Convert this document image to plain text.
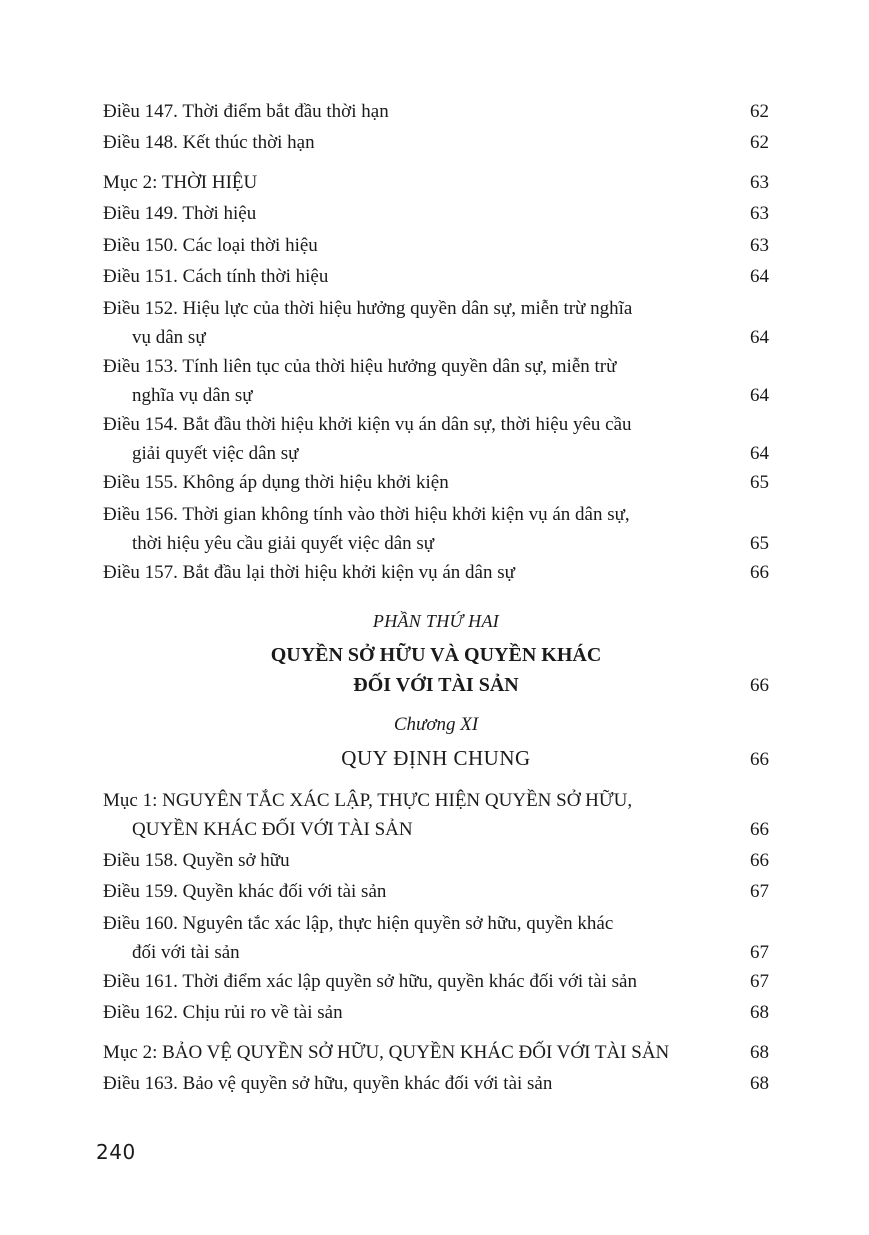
Điều 147. Thời điểm bắt đầu thời hạn	62
Điều 148. Kết thúc thời hạn	62
Mục 2: THỜI HIỆU	63
Điều 149. Thời hiệu	63
Điều 150. Các loại thời hiệu	63
Điều 151. Cách tính thời hiệu	64
Điều 152. Hiệu lực của thời hiệu hưởng quyền dân sự, miễn trừ nghĩa
vụ dân sự	64
Điều 153. Tính liên tục của thời hiệu hưởng quyền dân sự, miễn trừ
nghĩa vụ dân sự	64
Điều 154. Bắt đầu thời hiệu khởi kiện vụ án dân sự, thời hiệu yêu cầu
giải quyết việc dân sự	64
Điều 155. Không áp dụng thời hiệu khởi kiện	65
Điều 156. Thời gian không tính vào thời hiệu khởi kiện vụ án dân sự,
thời hiệu yêu cầu giải quyết việc dân sự	65
Điều 157. Bắt đầu lại thời hiệu khởi kiện vụ án dân sự	66
PHẦN THỨ HAI
QUYỀN SỞ HỮU VÀ QUYỀN KHÁC
ĐỐI VỚI TÀI SẢN	66
Chương XI
QUY ĐỊNH CHUNG	66
Mục 1: NGUYÊN TẮC XÁC LẬP, THỰC HIỆN QUYỀN SỞ HỮU,
QUYỀN KHÁC ĐỐI VỚI TÀI SẢN	66
Điều 158. Quyền sở hữu	66
Điều 159. Quyền khác đối với tài sản	67
Điều 160. Nguyên tắc xác lập, thực hiện quyền sở hữu, quyền khác
đối với tài sản	67
Điều 161. Thời điểm xác lập quyền sở hữu, quyền khác đối với tài sản	67
Điều 162. Chịu rủi ro về tài sản	68
Mục 2: BẢO VỆ QUYỀN SỞ HỮU, QUYỀN KHÁC ĐỐI VỚI TÀI SẢN	68
Điều 163. Bảo vệ quyền sở hữu, quyền khác đối với tài sản	68
240
